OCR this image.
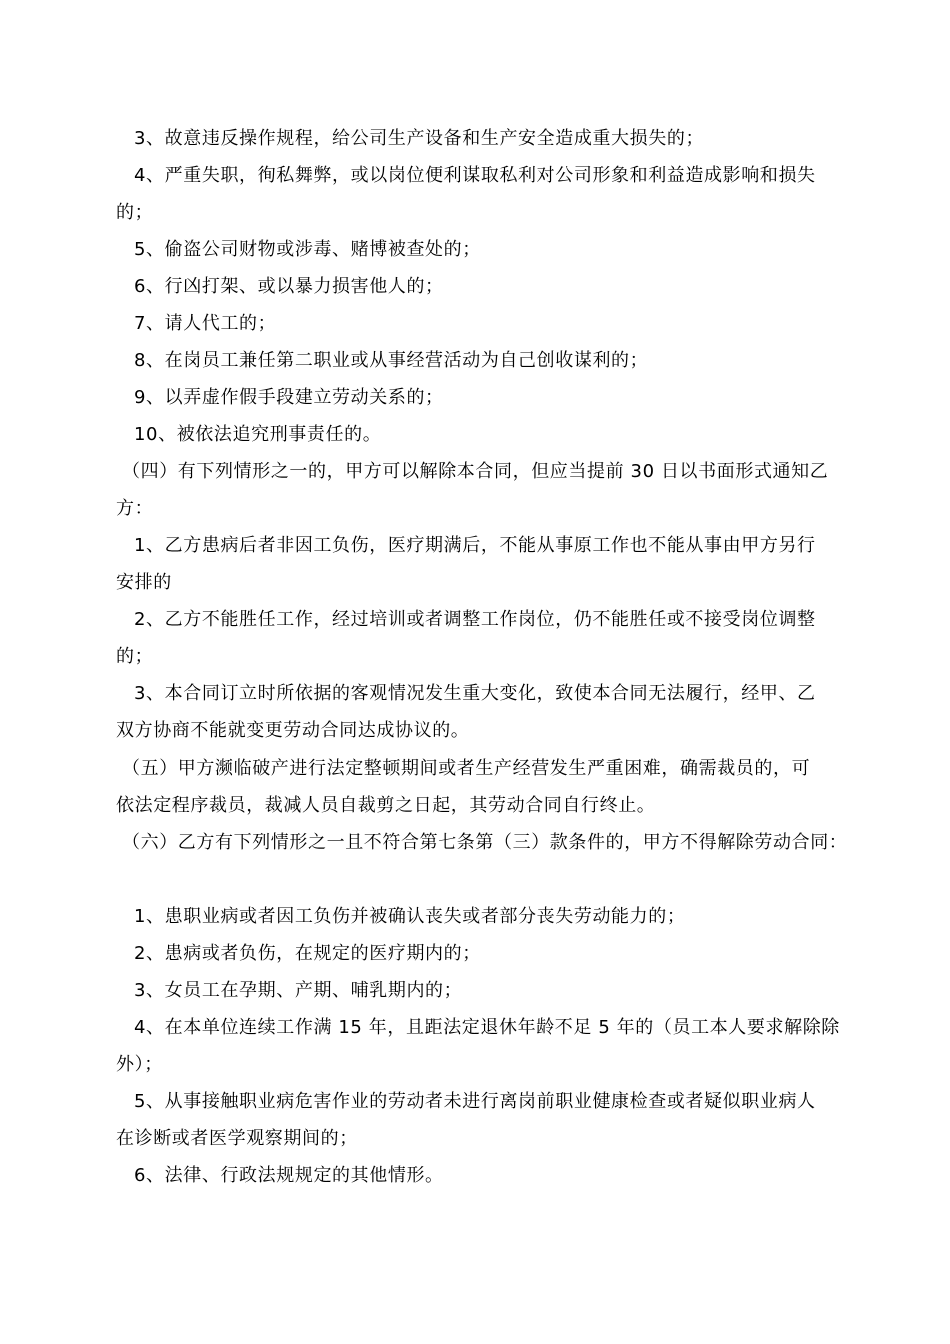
3、故意违反操作规程，给公司生产设备和生产安全造成重大损失的；
4、严重失职，徇私舞弊，或以岗位便利谋取私利对公司形象和利益造成影响和损失
的；
5、偷盗公司财物或涉毒、赌博被查处的；
6、行凶打架、或以暴力损害他人的；
7、请人代工的；
8、在岗员工兼任第二职业或从事经营活动为自己创收谋利的；
9、以弄虚作假手段建立劳动关系的；
10、被依法追究刑事责任的。
（四）有下列情形之一的，甲方可以解除本合同，但应当提前 30 日以书面形式通知乙
方：
1、乙方患病后者非因工负伤，医疗期满后，不能从事原工作也不能从事由甲方另行
安排的
2、乙方不能胜任工作，经过培训或者调整工作岗位，仍不能胜任或不接受岗位调整
的；
3、本合同订立时所依据的客观情况发生重大变化，致使本合同无法履行，经甲、乙
双方协商不能就变更劳动合同达成协议的。
（五）甲方濒临破产进行法定整顿期间或者生产经营发生严重困难，确需裁员的，可
依法定程序裁员，裁减人员自裁剪之日起，其劳动合同自行终止。
（六）乙方有下列情形之一且不符合第七条第（三）款条件的，甲方不得解除劳动合同：
1、患职业病或者因工负伤并被确认丧失或者部分丧失劳动能力的；
2、患病或者负伤，在规定的医疗期内的；
3、女员工在孕期、产期、哺乳期内的；
4、在本单位连续工作满 15 年，且距法定退休年龄不足 5 年的（员工本人要求解除除
外）；
5、从事接触职业病危害作业的劳动者未进行离岗前职业健康检查或者疑似职业病人
在诊断或者医学观察期间的；
6、法律、行政法规规定的其他情形。
